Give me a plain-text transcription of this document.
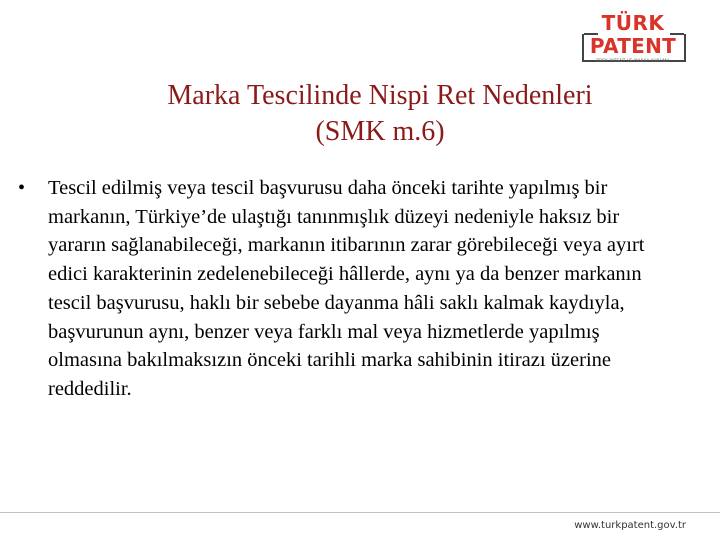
TÜRK
PATENT
TÜRK PATENT VE MARKA KURUMU
Marka Tescilinde Nispi Ret Nedenleri
(SMK m.6)
•	Tescil edilmiş veya tescil başvurusu daha önceki tarihte yapılmış bir markanın, Türkiye’de ulaştığı tanınmışlık düzeyi nedeniyle haksız bir yararın sağlanabileceği, markanın itibarının zarar görebileceği veya ayırt edici karakterinin zedelenebileceği hâllerde, aynı ya da benzer markanın tescil başvurusu, haklı bir sebebe dayanma hâli saklı kalmak kaydıyla, başvurunun aynı, benzer veya farklı mal veya hizmetlerde yapılmış olmasına bakılmaksızın önceki tarihli marka sahibinin itirazı üzerine reddedilir.
www.turkpatent.gov.tr
